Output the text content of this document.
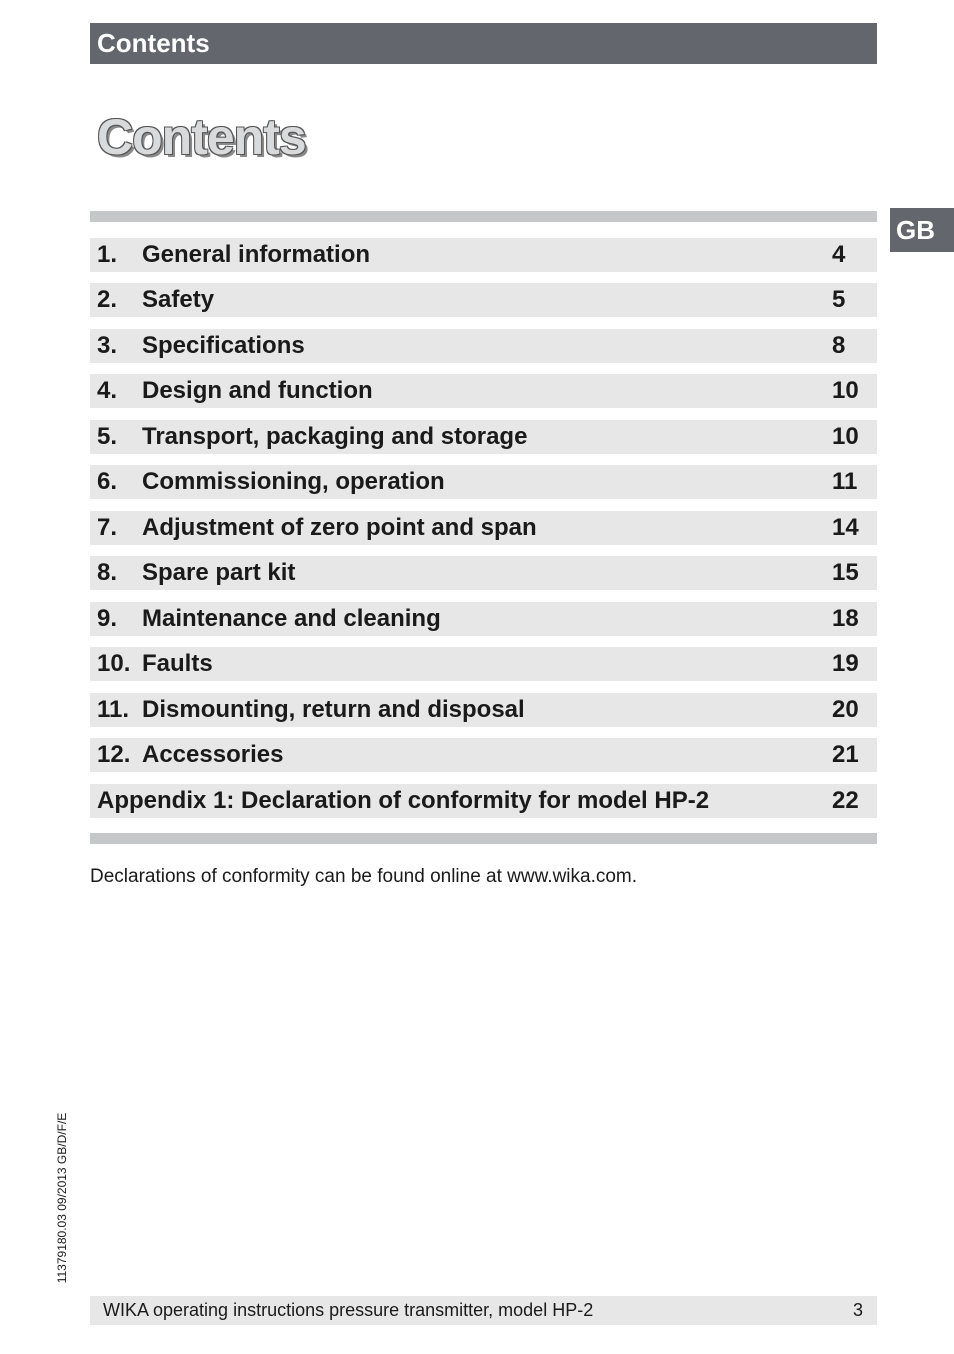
Contents
Contents
GB
1. General information	4
2. Safety	5
3. Specifications	8
4. Design and function	10
5. Transport, packaging and storage	10
6. Commissioning, operation	11
7. Adjustment of zero point and span	14
8. Spare part kit	15
9. Maintenance and cleaning	18
10. Faults	19
11. Dismounting, return and disposal	20
12. Accessories	21
Appendix 1: Declaration of conformity for model HP-2	22
Declarations of conformity can be found online at www.wika.com.
11379180.03 09/2013 GB/D/F/E
WIKA operating instructions pressure transmitter, model HP-2	3
